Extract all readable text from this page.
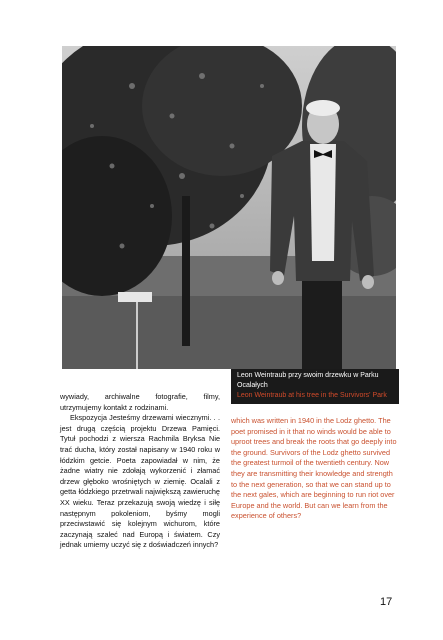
Leon Weintraub przy swoim drzewku w Parku Ocalałych
Leon Weintraub at his tree in the Survivors' Park

wywiady, archiwalne fotografie, filmy, utrzymujemy kontakt z rodzinami.

Ekspozycja Jesteśmy drzewami wiecznymi. . . jest drugą częścią projektu Drzewa Pamięci. Tytuł pochodzi z wiersza Rachmila Bryksa Nie trać ducha, który został napisany w 1940 roku w łódzkim getcie. Poeta zapowiadał w nim, że żadne wiatry nie zdołają wykorzenić i złamać drzew głęboko wrośniętych w ziemię. Ocalali z getta łódzkiego przetrwali największą zawieruchę XX wieku. Teraz przekazują swoją wiedzę i siłę następnym pokoleniom, byśmy mogli przeciwstawić się kolejnym wichurom, które zaczynają szaleć nad Europą i światem. Czy jednak umiemy uczyć się z doświadczeń innych?

which was written in 1940 in the Lodz ghetto. The poet promised in it that no winds would be able to uproot trees and break the roots that go deeply into the ground. Survivors of the Lodz ghetto survived the greatest turmoil of the twentieth century. Now they are transmitting their knowledge and strength to the next generation, so that we can stand up to the next gales, which are beginning to run riot over Europe and the world. But can we learn from the experience of others?

17
